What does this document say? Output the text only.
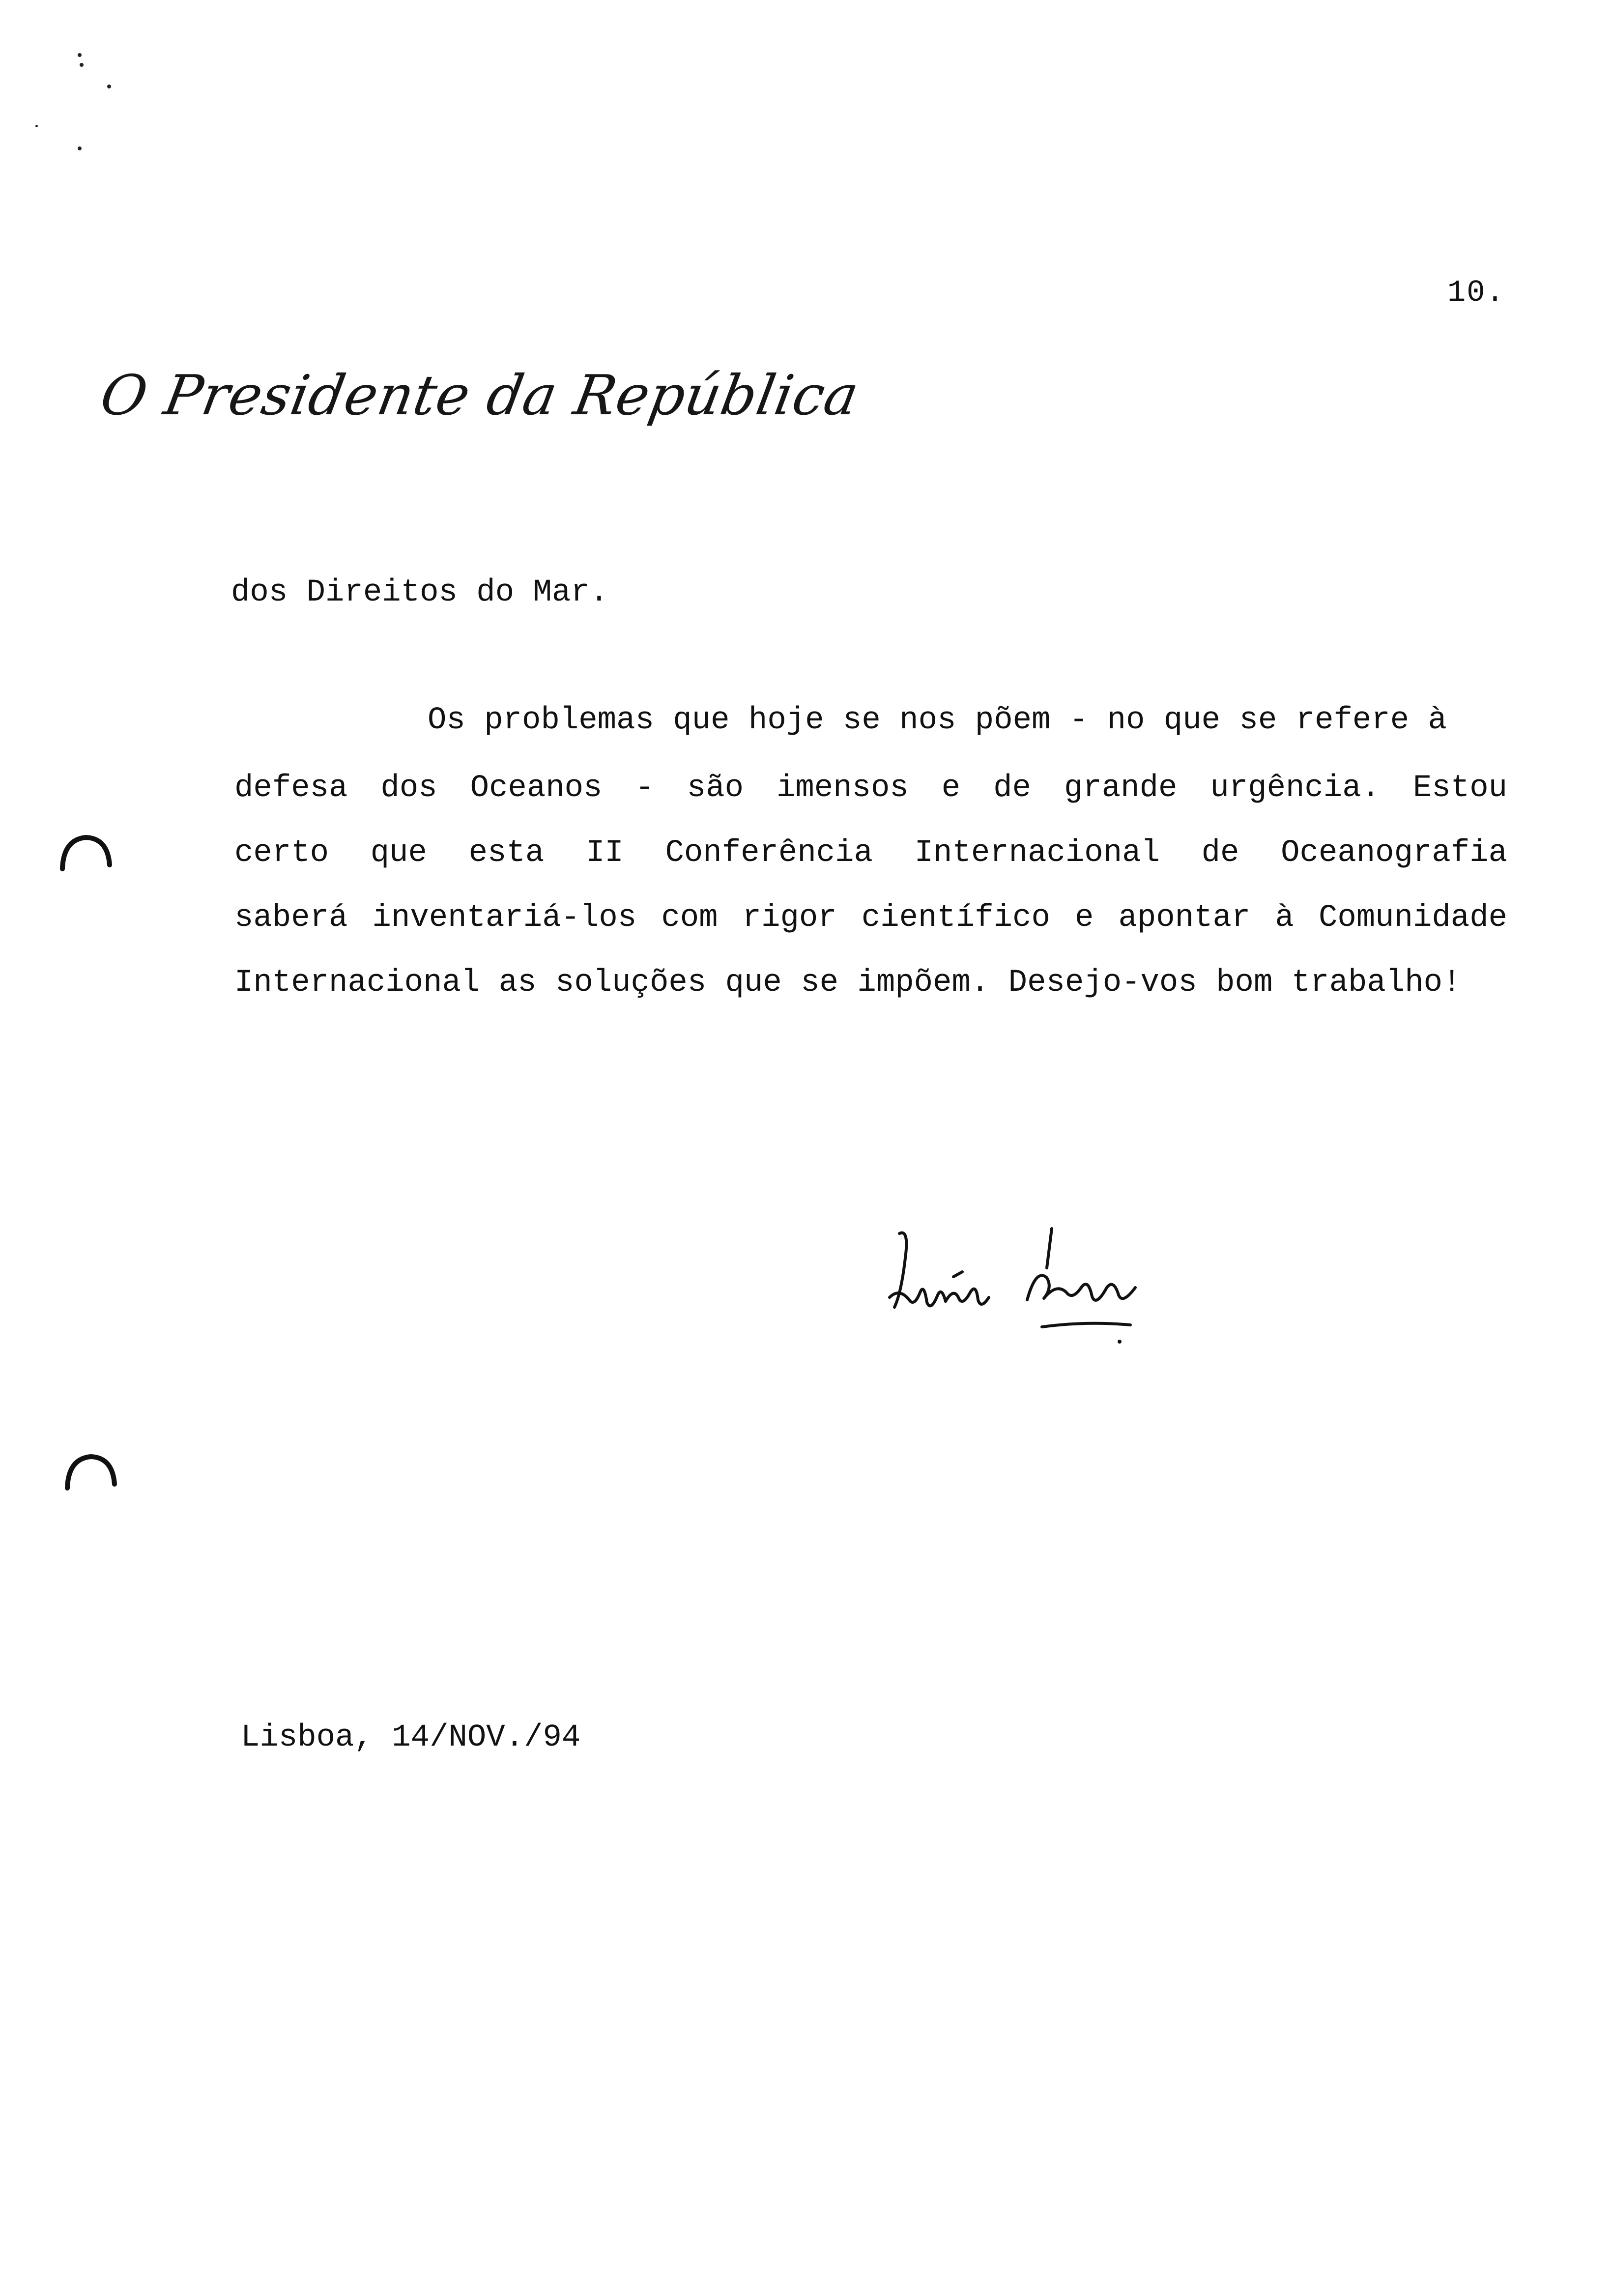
10.
O Presidente da República
dos Direitos do Mar.
Os problemas que hoje se nos põem - no que se refere à
defesa dos Oceanos - são imensos e de grande urgência. Estou
certo que esta II Conferência Internacional de Oceanografia
saberá inventariá-los com rigor científico e apontar à Comunidade
Internacional as soluções que se impõem. Desejo-vos bom trabalho!
Lisboa, 14/NOV./94
